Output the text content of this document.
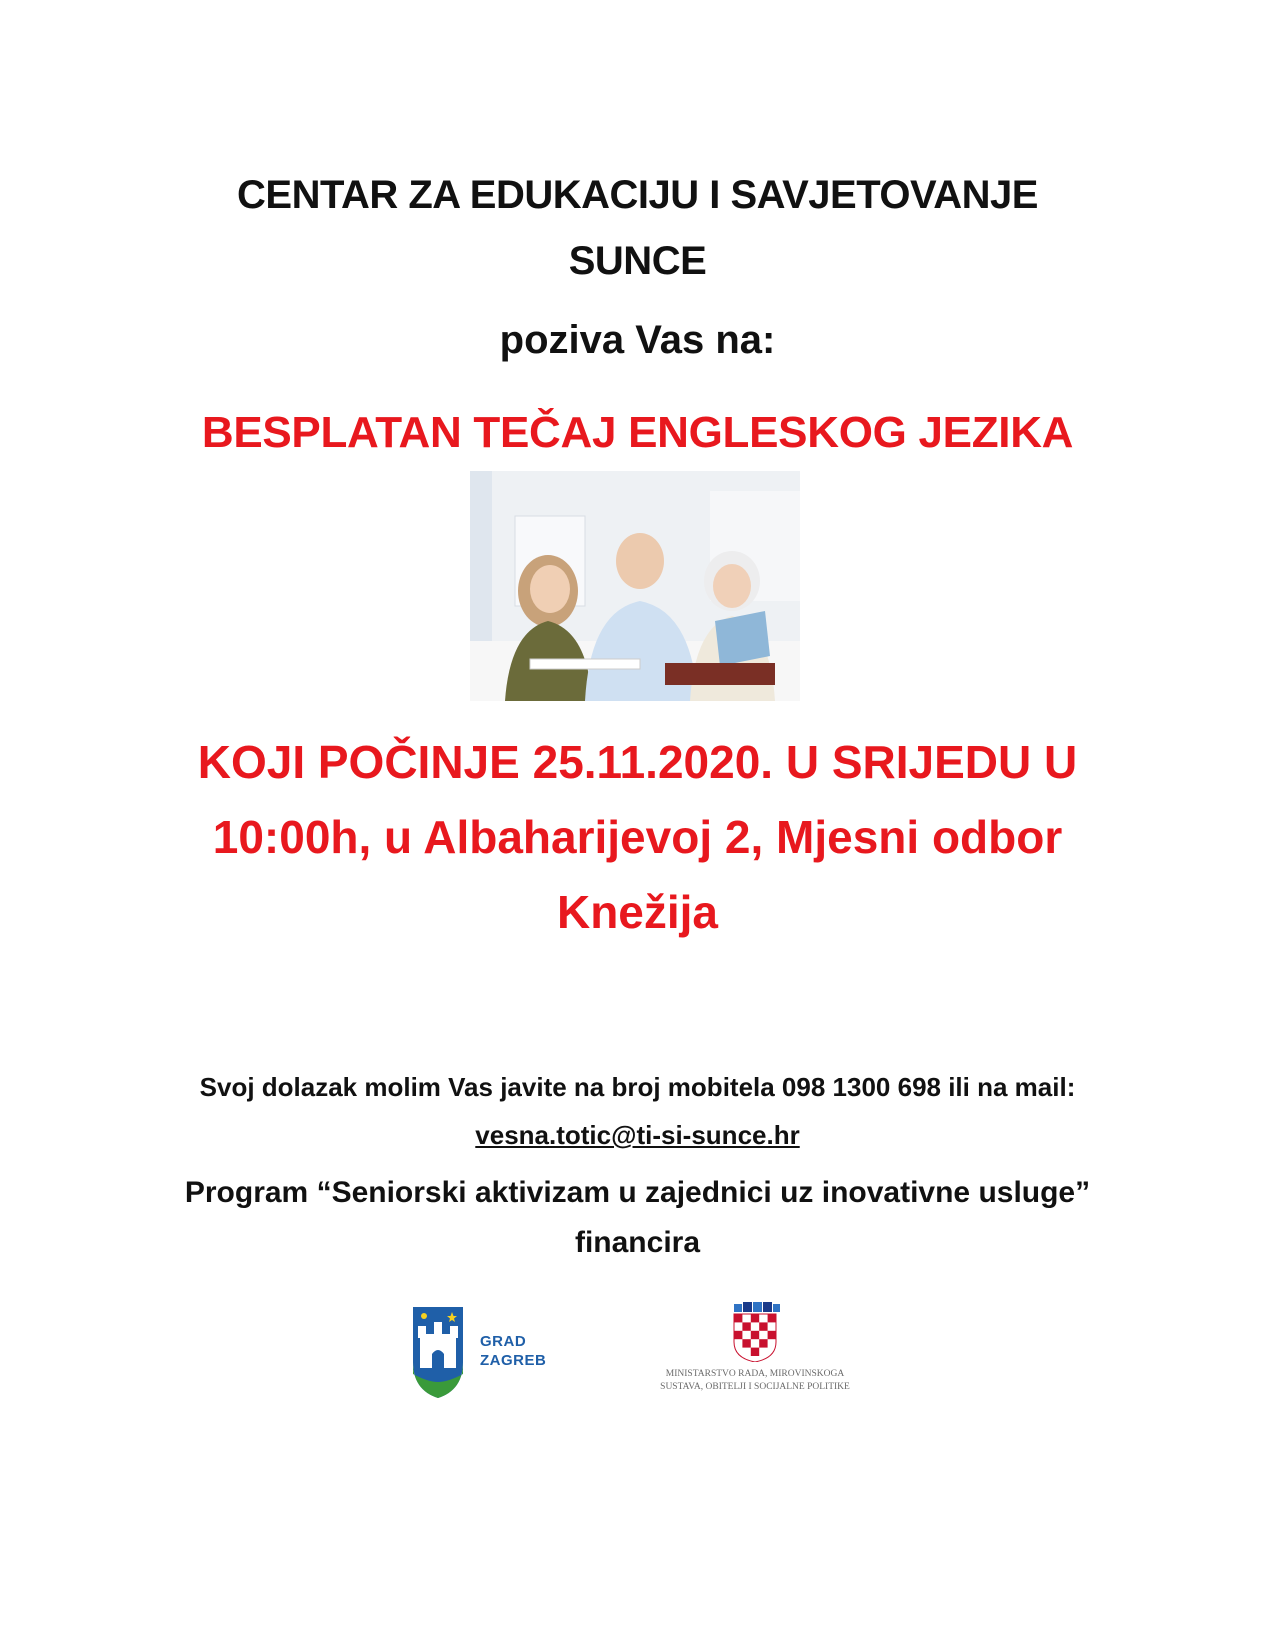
CENTAR ZA EDUKACIJU I SAVJETOVANJE
SUNCE
poziva Vas na:
BESPLATAN TEČAJ ENGLESKOG JEZIKA
KOJI POČINJE 25.11.2020. U SRIJEDU U 10:00h, u Albaharijevoj 2, Mjesni odbor Knežija
Svoj dolazak molim Vas javite na broj mobitela 098 1300 698 ili na mail: vesna.totic@ti-si-sunce.hr
Program “Seniorski aktivizam u zajednici uz inovativne usluge” financira
GRAD
ZAGREB
MINISTARSTVO RADA, MIROVINSKOGA
SUSTAVA, OBITELJI I SOCIJALNE POLITIKE
